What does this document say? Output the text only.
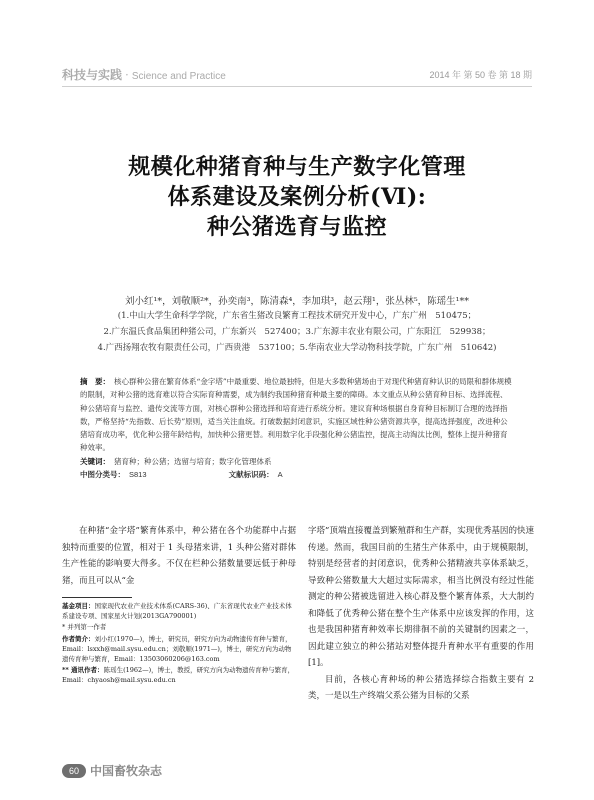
科技与实践 · Science and Practice	2014 年 第 50 卷 第 18 期
规模化种猪育种与生产数字化管理
体系建设及案例分析(Ⅵ):
种公猪选育与监控
刘小红¹*，刘敬顺²*，孙奕南³，陈清森⁴，李加琪³，赵云翔¹，张丛林⁵，陈瑶生¹**
(1.中山大学生命科学学院，广东省生猪改良繁育工程技术研究开发中心，广东广州　510475；
2.广东温氏食品集团种猪公司，广东新兴　527400；3.广东源丰农业有限公司，广东阳江　529938；
4.广西扬翔农牧有限责任公司，广西贵港　537100；5.华南农业大学动物科技学院，广东广州　510642)

摘　要： 核心群种公猪在繁育体系“金字塔”中最重要、地位最独特，但是大多数种猪场由于对现代种猪育种认识的局限和群体规模的限制，对种公猪的选育难以符合实际育种需要，成为制约我国种猪育种最主要的障碍。本文重点从种公猪育种目标、选择流程、种公猪培育与监控、遗传交流等方面，对核心群种公猪选择和培育进行系统分析。建议育种场根据自身育种目标制订合理的选择指数，严格坚持“先指数、后长势”原则，适当关注血统。打破数据封闭意识，实施区域性种公猪资源共享，提高选择强度，改进种公猪培育成功率，优化种公猪年龄结构，加快种公猪更替。利用数字化手段强化种公猪监控，提高主动淘汰比例，整体上提升种猪育种效率。

关键词： 猪育种；种公猪；选留与培育；数字化管理体系

中图分类号： S813	文献标识码： A

在种猪“金字塔”繁育体系中，种公猪在各个功能群中占据独特而重要的位置，相对于 1 头母猪来讲，1 头种公猪对群体生产性能的影响要大得多。不仅在栏种公猪数量要远低于种母猪，而且可以从“金

基金项目：国家现代农业产业技术体系(CARS-36)、广东省现代农业产业技术体系建设专项、国家星火计划(2013GA790001)

* 并列第一作者

作者简介：刘小红(1970—)，博士，研究员，研究方向为动物遗传育种与繁育，Email：lsxxh@mail.sysu.edu.cn；刘敬顺(1971—)，博士，研究方向为动物遗传育种与繁育，Email：13503060206@163.com

** 通讯作者：陈瑶生(1962—)，博士，教授，研究方向为动物遗传育种与繁育，Email：chyaosh@mail.sysu.edu.cn

字塔”顶端直接覆盖到繁殖群和生产群，实现优秀基因的快速传递。然而，我国目前的生猪生产体系中，由于规模限制，特别是经营者的封闭意识，优秀种公猪精液共享体系缺乏，导致种公猪数量大大超过实际需求，相当比例没有经过性能测定的种公猪被选留进入核心群及整个繁育体系，大大制约和降低了优秀种公猪在整个生产体系中应该发挥的作用，这也是我国种猪育种效率长期徘徊不前的关键制约因素之一，因此建立独立的种公猪站对整体提升育种水平有重要的作用[1]。

目前，各核心育种场的种公猪选择综合指数主要有 2 类，一是以生产终端父系公猪为目标的父系

60 中国畜牧杂志
